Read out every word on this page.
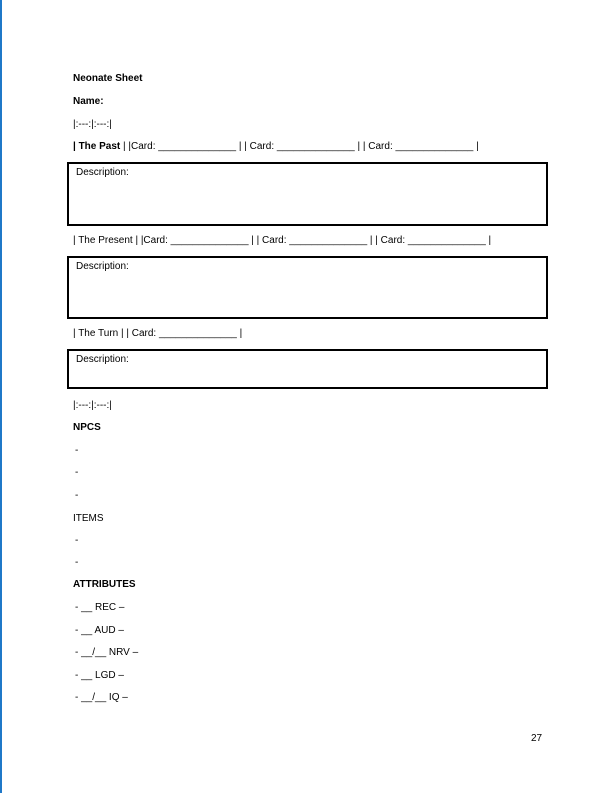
Neonate Sheet
Name:
|:---:|:---:|
| The Past | |Card: ______________ | | Card: ______________ | | Card: ______________ |
Description:
| The Present | |Card: ______________ | | Card: ______________ | | Card: ______________ |
Description:
| The Turn | | Card: ______________ |
Description:
|:---:|:---:|
NPCS
-
-
-
ITEMS
-
-
ATTRIBUTES
- __ REC –
- __ AUD –
- __/__ NRV –
- __ LGD –
- __/__ IQ –
27
